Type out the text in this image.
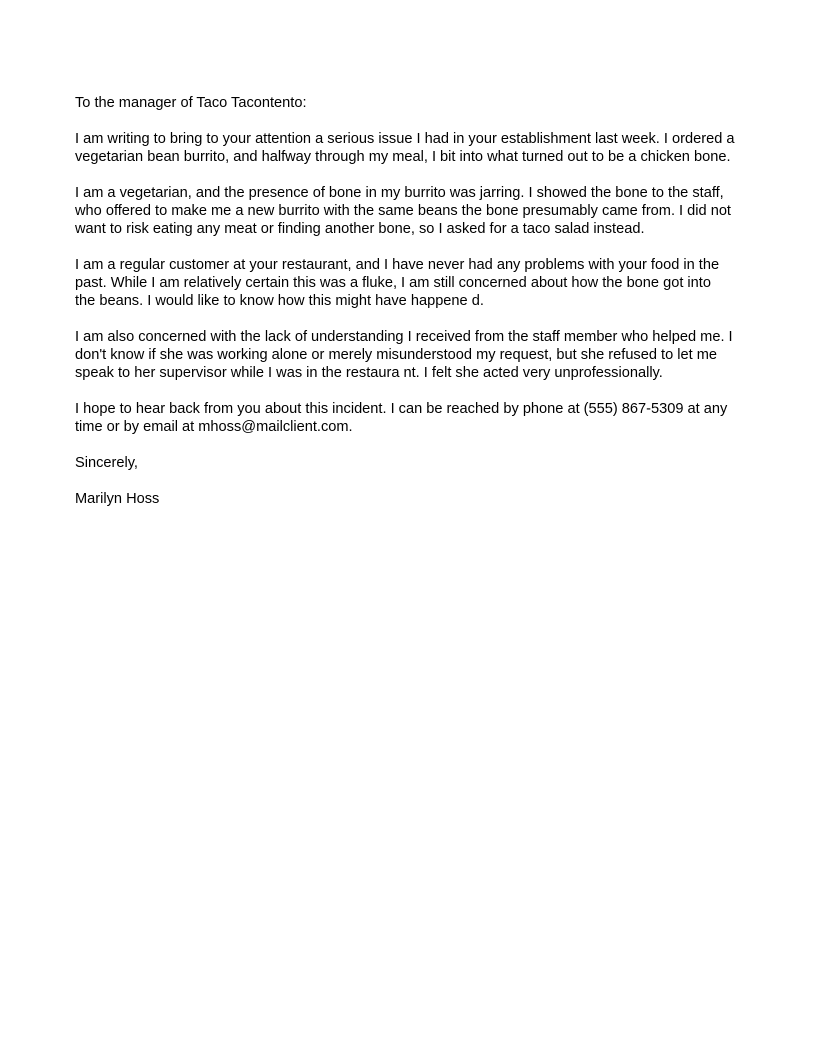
To the manager of Taco Tacontento:

I am writing to bring to your attention a serious issue I had in your establishment last week. I ordered a
vegetarian bean burrito, and halfway through my meal, I bit into what turned out to be a chicken bone.

I am a vegetarian, and the presence of bone in my burrito was jarring. I showed the bone to the staff,
who offered to make me a new burrito with the same beans the bone presumably came from. I did not
want to risk eating any meat or finding another bone, so I asked for a taco salad instead.

I am a regular customer at your restaurant, and I have never had any problems with your food in the
past. While I am relatively certain this was a fluke, I am still concerned about how the bone got into
the beans. I would like to know how this might have happene d.

I am also concerned with the lack of understanding I received from the staff member who helped me. I
don't know if she was working alone or merely misunderstood my request, but she refused to let me
speak to her supervisor while I was in the restaura nt. I felt she acted very unprofessionally.

I hope to hear back from you about this incident. I can be reached by phone at (555) 867-5309 at any
time or by email at mhoss@mailclient.com.

Sincerely,

Marilyn Hoss
